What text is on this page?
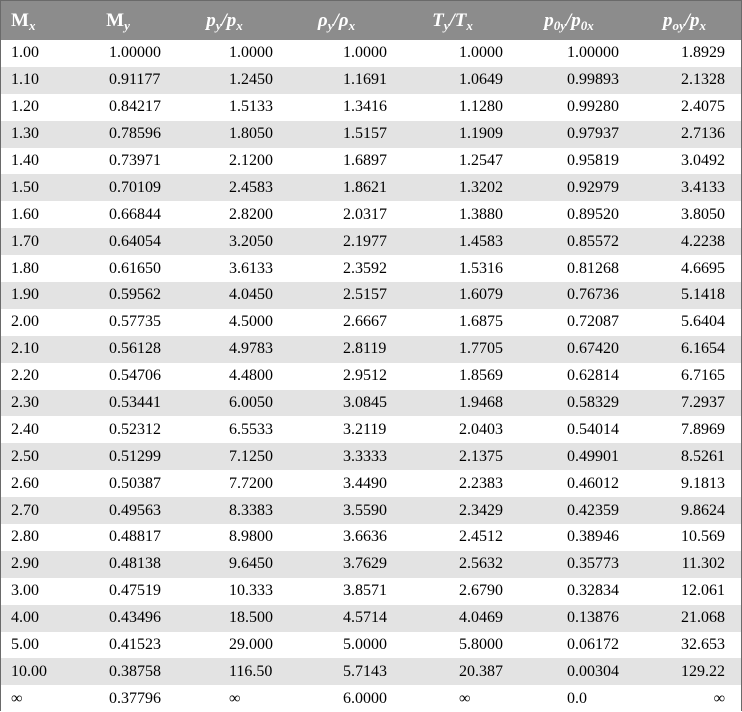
$M_x$	$M_y$	$p_y/p_x$	$\rho_y/\rho_x$	$T_y/T_x$	$p_{0y}/p_{0x}$	$p_{oy}/p_x$
1.00	1.00000	1.0000	1.0000	1.0000	1.00000	1.8929
1.10	0.91177	1.2450	1.1691	1.0649	0.99893	2.1328
1.20	0.84217	1.5133	1.3416	1.1280	0.99280	2.4075
1.30	0.78596	1.8050	1.5157	1.1909	0.97937	2.7136
1.40	0.73971	2.1200	1.6897	1.2547	0.95819	3.0492
1.50	0.70109	2.4583	1.8621	1.3202	0.92979	3.4133
1.60	0.66844	2.8200	2.0317	1.3880	0.89520	3.8050
1.70	0.64054	3.2050	2.1977	1.4583	0.85572	4.2238
1.80	0.61650	3.6133	2.3592	1.5316	0.81268	4.6695
1.90	0.59562	4.0450	2.5157	1.6079	0.76736	5.1418
2.00	0.57735	4.5000	2.6667	1.6875	0.72087	5.6404
2.10	0.56128	4.9783	2.8119	1.7705	0.67420	6.1654
2.20	0.54706	4.4800	2.9512	1.8569	0.62814	6.7165
2.30	0.53441	6.0050	3.0845	1.9468	0.58329	7.2937
2.40	0.52312	6.5533	3.2119	2.0403	0.54014	7.8969
2.50	0.51299	7.1250	3.3333	2.1375	0.49901	8.5261
2.60	0.50387	7.7200	3.4490	2.2383	0.46012	9.1813
2.70	0.49563	8.3383	3.5590	2.3429	0.42359	9.8624
2.80	0.48817	8.9800	3.6636	2.4512	0.38946	10.569
2.90	0.48138	9.6450	3.7629	2.5632	0.35773	11.302
3.00	0.47519	10.333	3.8571	2.6790	0.32834	12.061
4.00	0.43496	18.500	4.5714	4.0469	0.13876	21.068
5.00	0.41523	29.000	5.0000	5.8000	0.06172	32.653
10.00	0.38758	116.50	5.7143	20.387	0.00304	129.22
∞	0.37796	∞	6.0000	∞	0.0	∞
